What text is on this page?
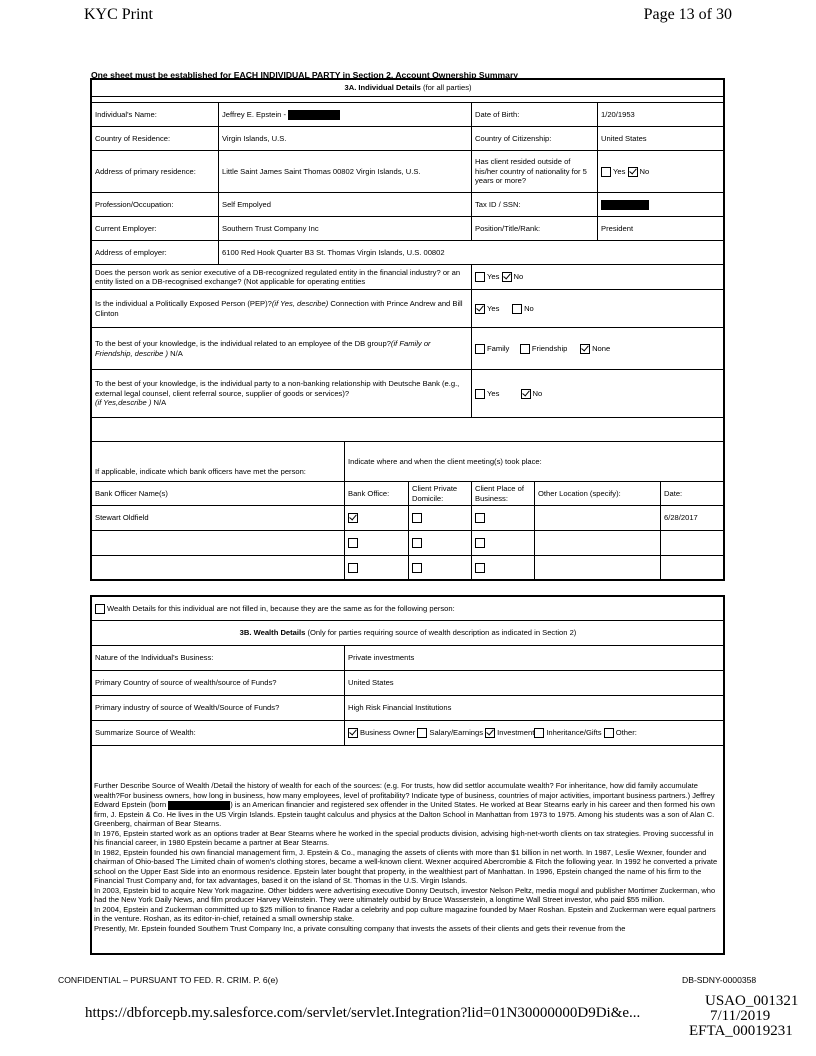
KYC Print	Page 13 of 30
One sheet must be established for EACH INDIVIDUAL PARTY in Section 2. Account Ownership Summary
3A. Individual Details (for all parties)			

Individual's Name:	Jeffrey E. Epstein -	Date of Birth:	1/20/1953
Country of Residence:	Virgin Islands, U.S.	Country of Citizenship:	United States
Address of primary residence:	Little Saint James Saint Thomas 00802 Virgin Islands, U.S.	Has client resided outside of his/her country of nationality for 5 years or more?	Yes No
Profession/Occupation:	Self Empolyed	Tax ID / SSN:	
Current Employer:	Southern Trust Company Inc	Position/Title/Rank:	President
Address of employer:	6100 Red Hook Quarter B3 St. Thomas Virgin Islands, U.S. 00802		
Does the person work as senior executive of a DB-recognized regulated entity in the financial industry? or an entity listed on a DB-recognised exchange? (Not applicable for operating entities		Yes No	
Is the individual a Politically Exposed Person (PEP)?(if Yes, describe) Connection with Prince Andrew and Bill Clinton		Yes No	
To the best of your knowledge, is the individual related to an employee of the DB group?(if Family or Friendship, describe ) N/A		Family Friendship None	
To the best of your knowledge, is the individual party to a non-banking relationship with Deutsche Bank (e.g., external legal counsel, client referral source, supplier of goods or services)?
(if Yes,describe ) N/A		Yes No	
If applicable, indicate which bank officers have met the person:	Indicate where and when the client meeting(s) took place:				
Bank Officer Name(s)	Bank Office:	Client Private Domicile:	Client Place of Business:	Other Location (specify):	Date:
Stewart Oldfield					6/28/2017

Wealth Details for this individual are not filled in, because they are the same as for the following person:	
3B. Wealth Details (Only for parties requiring source of wealth description as indicated in Section 2)	
Nature of the Individual's Business:	Private investments
Primary Country of source of wealth/source of Funds?	United States
Primary industry of source of Wealth/Source of Funds?	High Risk Financial Institutions
Summarize Source of Wealth:	Business Owner Salary/Earnings Investment Inheritance/Gifts Other:

Further Describe Source of Wealth /Detail the history of wealth for each of the sources: (e.g. For trusts, how did settlor accumulate wealth? For inheritance, how did family accumulate wealth?For business owners, how long in business, how many employees, level of profitability? Indicate type of business, countries of major activities, important business partners.) Jeffrey Edward Epstein (born	) is an American financier and registered sex offender in the United States. He worked at Bear Stearns early in his career and then formed his own firm, J. Epstein & Co. He lives in the US Virgin Islands. Epstein taught calculus and physics at the Dalton School in Manhattan from 1973 to 1975. Among his students was a son of Alan C. Greenberg, chairman of Bear Stearns.

In 1976, Epstein started work as an options trader at Bear Stearns where he worked in the special products division, advising high-net-worth clients on tax strategies. Proving successful in his financial career, in 1980 Epstein became a partner at Bear Stearns.

In 1982, Epstein founded his own financial management firm, J. Epstein & Co., managing the assets of clients with more than $1 billion in net worth. In 1987, Leslie Wexner, founder and chairman of Ohio-based The Limited chain of women's clothing stores, became a well-known client. Wexner acquired Abercrombie & Fitch the following year. In 1992 he converted a private school on the Upper East Side into an enormous residence. Epstein later bought that property, in the wealthiest part of Manhattan. In 1996, Epstein changed the name of his firm to the Financial Trust Company and, for tax advantages, based it on the island of St. Thomas in the U.S. Virgin Islands.

In 2003, Epstein bid to acquire New York magazine. Other bidders were advertising executive Donny Deutsch, investor Nelson Peltz, media mogul and publisher Mortimer Zuckerman, who had the New York Daily News, and film producer Harvey Weinstein. They were ultimately outbid by Bruce Wasserstein, a longtime Wall Street investor, who paid $55 million.

In 2004, Epstein and Zuckerman committed up to $25 million to finance Radar a celebrity and pop culture magazine founded by Maer Roshan. Epstein and Zuckerman were equal partners in the venture. Roshan, as its editor-in-chief, retained a small ownership stake.

Presently, Mr. Epstein founded Southern Trust Company Inc, a private consulting company that invests the assets of their clients and gets their revenue from the

CONFIDENTIAL – PURSUANT TO FED. R. CRIM. P. 6(e)	DB-SDNY-0000358
https://dbforcepb.my.salesforce.com/servlet/servlet.Integration?lid=01N30000000D9Di&e...
USAO_001321
7/11/2019
EFTA_00019231
